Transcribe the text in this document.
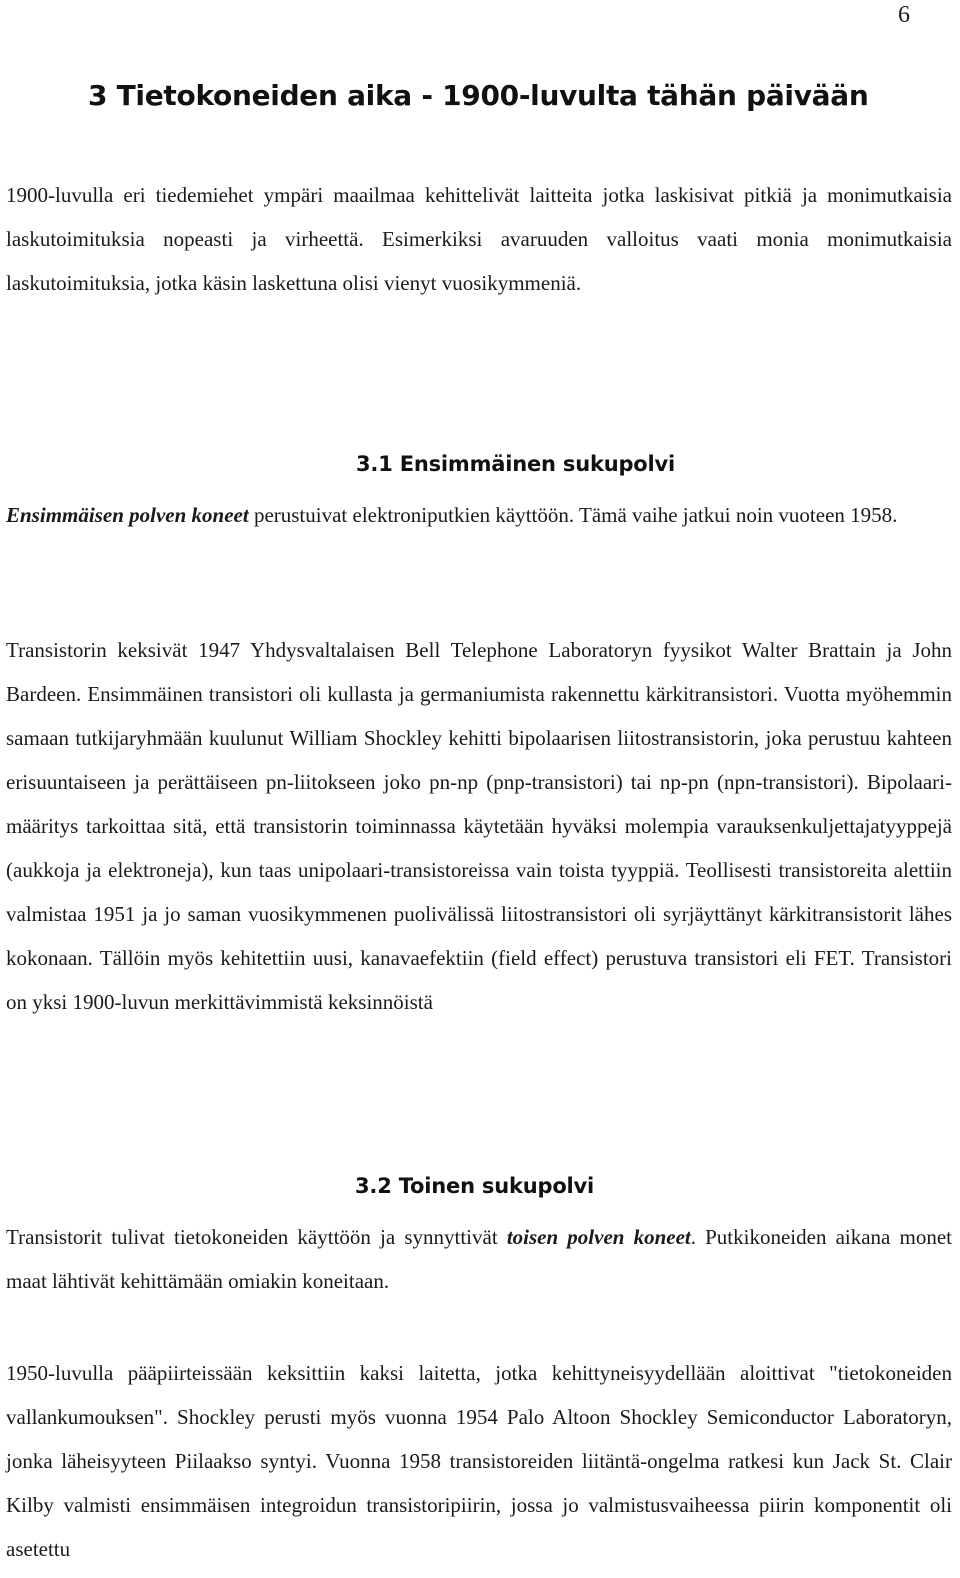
6
3 Tietokoneiden aika - 1900-luvulta tähän päivään

1900-luvulla eri tiedemiehet ympäri maailmaa kehittelivät laitteita jotka laskisivat pitkiä ja monimutkaisia laskutoimituksia nopeasti ja virheettä. Esimerkiksi avaruuden valloitus vaati monia monimutkaisia laskutoimituksia, jotka käsin laskettuna olisi vienyt vuosikymmeniä.

3.1 Ensimmäinen sukupolvi

Ensimmäisen polven koneet perustuivat elektroniputkien käyttöön. Tämä vaihe jatkui noin vuoteen 1958.

Transistorin keksivät 1947 Yhdysvaltalaisen Bell Telephone Laboratoryn fyysikot Walter Brattain ja John Bardeen. Ensimmäinen transistori oli kullasta ja germaniumista rakennettu kärkitransistori. Vuotta myöhemmin samaan tutkijaryhmään kuulunut William Shockley kehitti bipolaarisen liitostransistorin, joka perustuu kahteen erisuuntaiseen ja perättäiseen pn-liitokseen joko pn-np (pnp-transistori) tai np-pn (npn-transistori). Bipolaari-määritys tarkoittaa sitä, että transistorin toiminnassa käytetään hyväksi molempia varauksenkuljettajatyyppejä (aukkoja ja elektroneja), kun taas unipolaari-transistoreissa vain toista tyyppiä. Teollisesti transistoreita alettiin valmistaa 1951 ja jo saman vuosikymmenen puolivälissä liitostransistori oli syrjäyttänyt kärkitransistorit lähes kokonaan. Tällöin myös kehitettiin uusi, kanavaefektiin (field effect) perustuva transistori eli FET. Transistori on yksi 1900-luvun merkittävimmistä keksinnöistä

3.2 Toinen sukupolvi

Transistorit tulivat tietokoneiden käyttöön ja synnyttivät toisen polven koneet. Putkikoneiden aikana monet maat lähtivät kehittämään omiakin koneitaan.

1950-luvulla pääpiirteissään keksittiin kaksi laitetta, jotka kehittyneisyydellään aloittivat "tietokoneiden vallankumouksen". Shockley perusti myös vuonna 1954 Palo Altoon Shockley Semiconductor Laboratoryn, jonka läheisyyteen Piilaakso syntyi. Vuonna 1958 transistoreiden liitäntä-ongelma ratkesi kun Jack St. Clair Kilby valmisti ensimmäisen integroidun transistoripiirin, jossa jo valmistusvaiheessa piirin komponentit oli asetettu
